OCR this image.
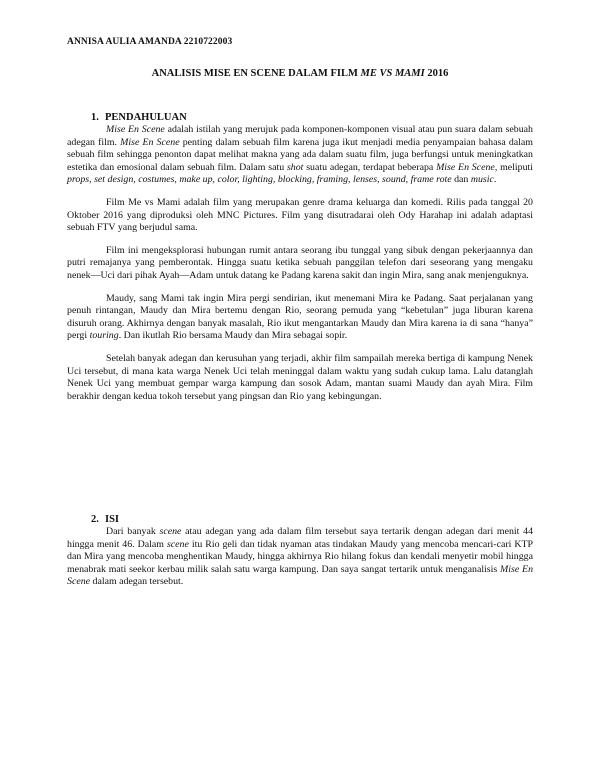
ANNISA AULIA AMANDA 2210722003
ANALISIS MISE EN SCENE DALAM FILM ME VS MAMI 2016
1. PENDAHULUAN

Mise En Scene adalah istilah yang merujuk pada komponen-komponen visual atau pun suara dalam sebuah adegan film. Mise En Scene penting dalam sebuah film karena juga ikut menjadi media penyampaian bahasa dalam sebuah film sehingga penonton dapat melihat makna yang ada dalam suatu film, juga berfungsi untuk meningkatkan estetika dan emosional dalam sebuah film. Dalam satu shot suatu adegan, terdapat beberapa Mise En Scene, meliputi props, set design, costumes, make up, color, lighting, blocking, framing, lenses, sound, frame rote dan music.

Film Me vs Mami adalah film yang merupakan genre drama keluarga dan komedi. Rilis pada tanggal 20 Oktober 2016 yang diproduksi oleh MNC Pictures. Film yang disutradarai oleh Ody Harahap ini adalah adaptasi sebuah FTV yang berjudul sama.

Film ini mengeksplorasi hubungan rumit antara seorang ibu tunggal yang sibuk dengan pekerjaannya dan putri remajanya yang pemberontak. Hingga suatu ketika sebuah panggilan telefon dari seseorang yang mengaku nenek—Uci dari pihak Ayah—Adam untuk datang ke Padang karena sakit dan ingin Mira, sang anak menjenguknya.

Maudy, sang Mami tak ingin Mira pergi sendirian, ikut menemani Mira ke Padang. Saat perjalanan yang penuh rintangan, Maudy dan Mira bertemu dengan Rio, seorang pemuda yang “kebetulan” juga liburan karena disuruh orang. Akhirnya dengan banyak masalah, Rio ikut mengantarkan Maudy dan Mira karena ia di sana “hanya” pergi touring. Dan ikutlah Rio bersama Maudy dan Mira sebagai sopir.

Setelah banyak adegan dan kerusuhan yang terjadi, akhir film sampailah mereka bertiga di kampung Nenek Uci tersebut, di mana kata warga Nenek Uci telah meninggal dalam waktu yang sudah cukup lama. Lalu datanglah Nenek Uci yang membuat gempar warga kampung dan sosok Adam, mantan suami Maudy dan ayah Mira. Film berakhir dengan kedua tokoh tersebut yang pingsan dan Rio yang kebingungan.

2. ISI

Dari banyak scene atau adegan yang ada dalam film tersebut saya tertarik dengan adegan dari menit 44 hingga menit 46. Dalam scene itu Rio geli dan tidak nyaman atas tindakan Maudy yang mencoba mencari-cari KTP dan Mira yang mencoba menghentikan Maudy, hingga akhirnya Rio hilang fokus dan kendali menyetir mobil hingga menabrak mati seekor kerbau milik salah satu warga kampung. Dan saya sangat tertarik untuk menganalisis Mise En Scene dalam adegan tersebut.
